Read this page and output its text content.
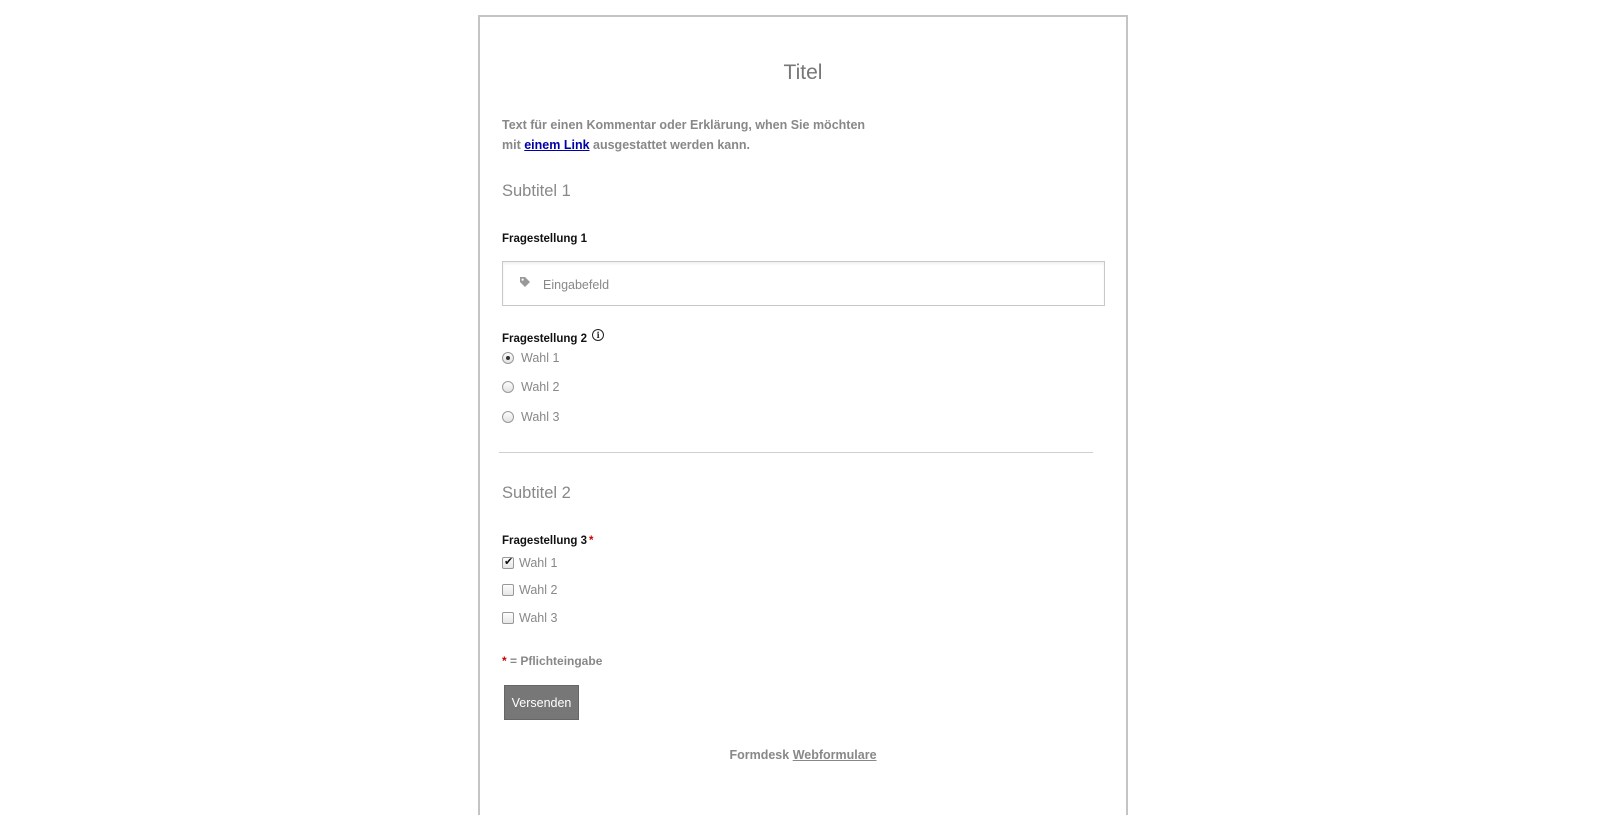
Titel
Text für einen Kommentar oder Erklärung, when Sie möchten
mit einem Link ausgestattet werden kann.
Subtitel 1
Fragestellung 1
Eingabefeld
Fragestellung 2 i
Wahl 1
Wahl 2
Wahl 3
Subtitel 2
Fragestellung 3 *
✔
Wahl 1
Wahl 2
Wahl 3
* = Pflichteingabe
Versenden
Formdesk Webformulare
